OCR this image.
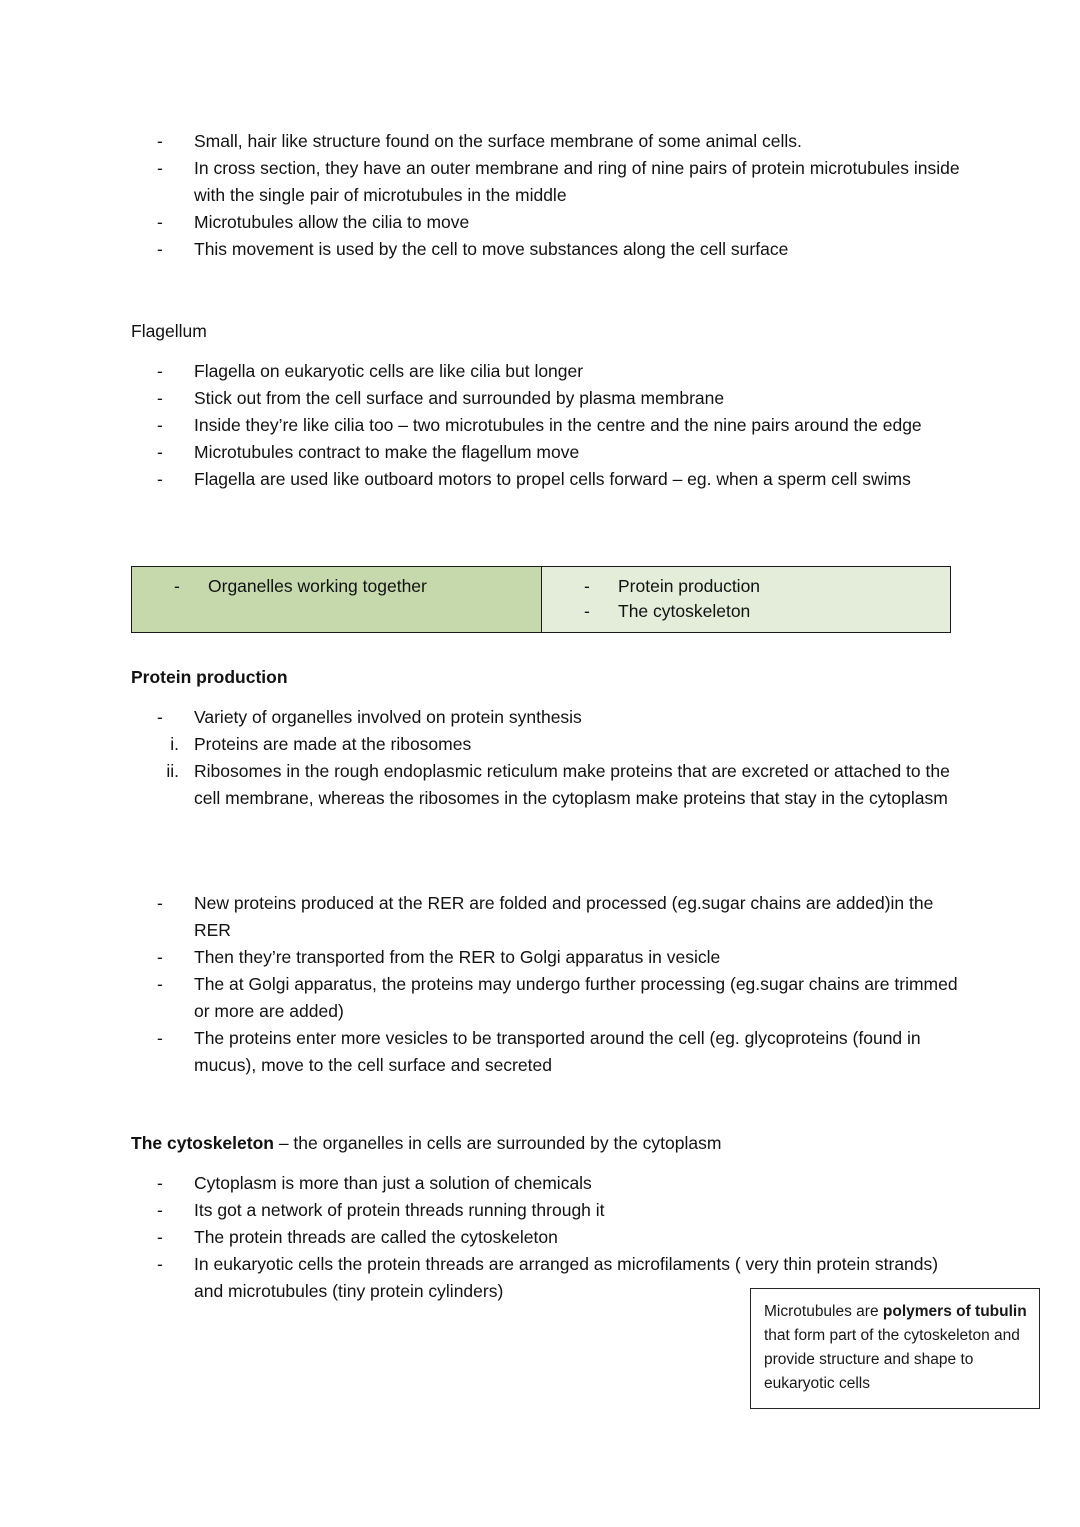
-	Small, hair like structure found on the surface membrane of some animal cells.
-	In cross section, they have an outer membrane and ring of nine pairs of protein microtubules inside with the single pair of microtubules in the middle
-	Microtubules allow the cilia to move
-	This movement is used by the cell to move substances along the cell surface
Flagellum
-	Flagella on eukaryotic cells are like cilia but longer
-	Stick out from the cell surface and surrounded by plasma membrane
-	Inside they’re like cilia too – two microtubules in the centre and the nine pairs around the edge
-	Microtubules contract to make the flagellum move
-	Flagella are used like outboard motors to propel cells forward – eg. when a sperm cell swims
- Organelles working together	- Protein production
- The cytoskeleton
Protein production
-	Variety of organelles involved on protein synthesis
i. Proteins are made at the ribosomes
ii. Ribosomes in the rough endoplasmic reticulum make proteins that are excreted or attached to the cell membrane, whereas the ribosomes in the cytoplasm make proteins that stay in the cytoplasm
-	New proteins produced at the RER are folded and processed (eg.sugar chains are added)in the RER
-	Then they’re transported from the RER to Golgi apparatus in vesicle
-	The at Golgi apparatus, the proteins may undergo further processing (eg.sugar chains are trimmed or more are added)
-	The proteins enter more vesicles to be transported around the cell (eg. glycoproteins (found in mucus), move to the cell surface and secreted
The cytoskeleton – the organelles in cells are surrounded by the cytoplasm
-	Cytoplasm is more than just a solution of chemicals
-	Its got a network of protein threads running through it
-	The protein threads are called the cytoskeleton
-	In eukaryotic cells the protein threads are arranged as microfilaments ( very thin protein strands) and microtubules (tiny protein cylinders)
Microtubules are polymers of tubulin that form part of the cytoskeleton and provide structure and shape to eukaryotic cells
